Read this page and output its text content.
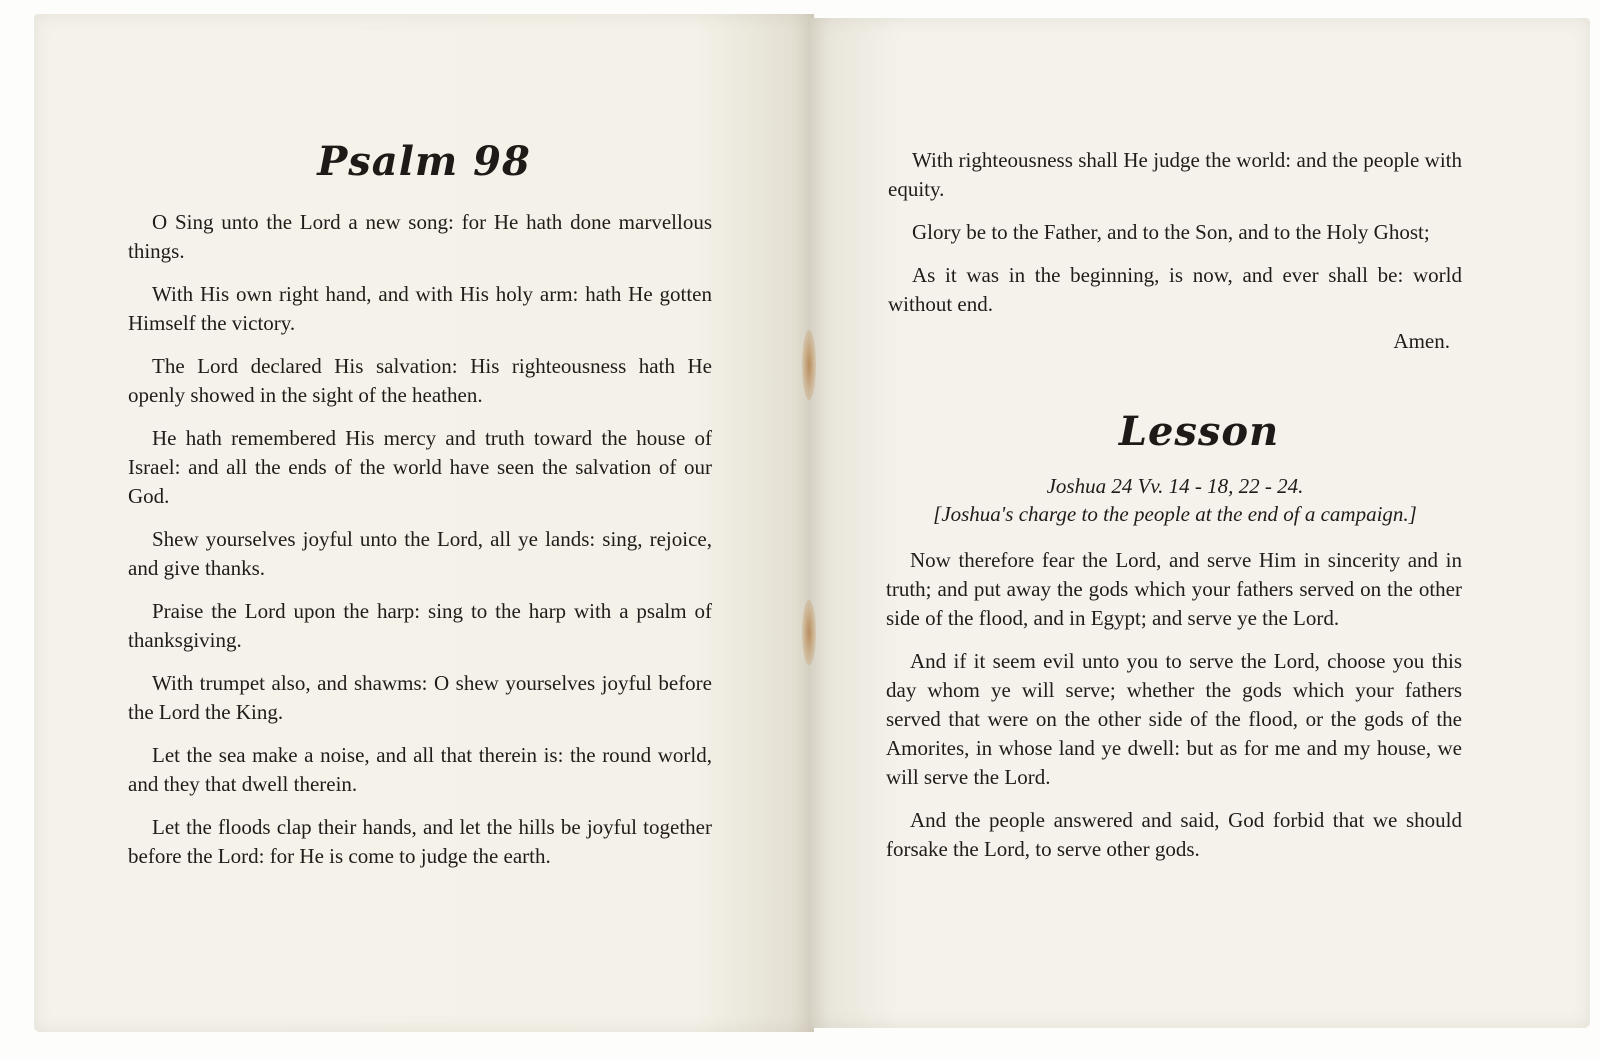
Psalm 98

O Sing unto the Lord a new song: for He hath done marvellous things.

With His own right hand, and with His holy arm: hath He gotten Himself the victory.

The Lord declared His salvation: His righteousness hath He openly showed in the sight of the heathen.

He hath remembered His mercy and truth toward the house of Israel: and all the ends of the world have seen the salvation of our God.

Shew yourselves joyful unto the Lord, all ye lands: sing, rejoice, and give thanks.

Praise the Lord upon the harp: sing to the harp with a psalm of thanksgiving.

With trumpet also, and shawms: O shew yourselves joyful before the Lord the King.

Let the sea make a noise, and all that therein is: the round world, and they that dwell therein.

Let the floods clap their hands, and let the hills be joyful together before the Lord: for He is come to judge the earth.

With righteousness shall He judge the world: and the people with equity.

Glory be to the Father, and to the Son, and to the Holy Ghost;

As it was in the beginning, is now, and ever shall be: world without end.

Amen.
Lesson
Joshua 24 Vv. 14 - 18, 22 - 24.
[Joshua's charge to the people at the end of a campaign.]

Now therefore fear the Lord, and serve Him in sincerity and in truth; and put away the gods which your fathers served on the other side of the flood, and in Egypt; and serve ye the Lord.

And if it seem evil unto you to serve the Lord, choose you this day whom ye will serve; whether the gods which your fathers served that were on the other side of the flood, or the gods of the Amorites, in whose land ye dwell: but as for me and my house, we will serve the Lord.

And the people answered and said, God forbid that we should forsake the Lord, to serve other gods.
